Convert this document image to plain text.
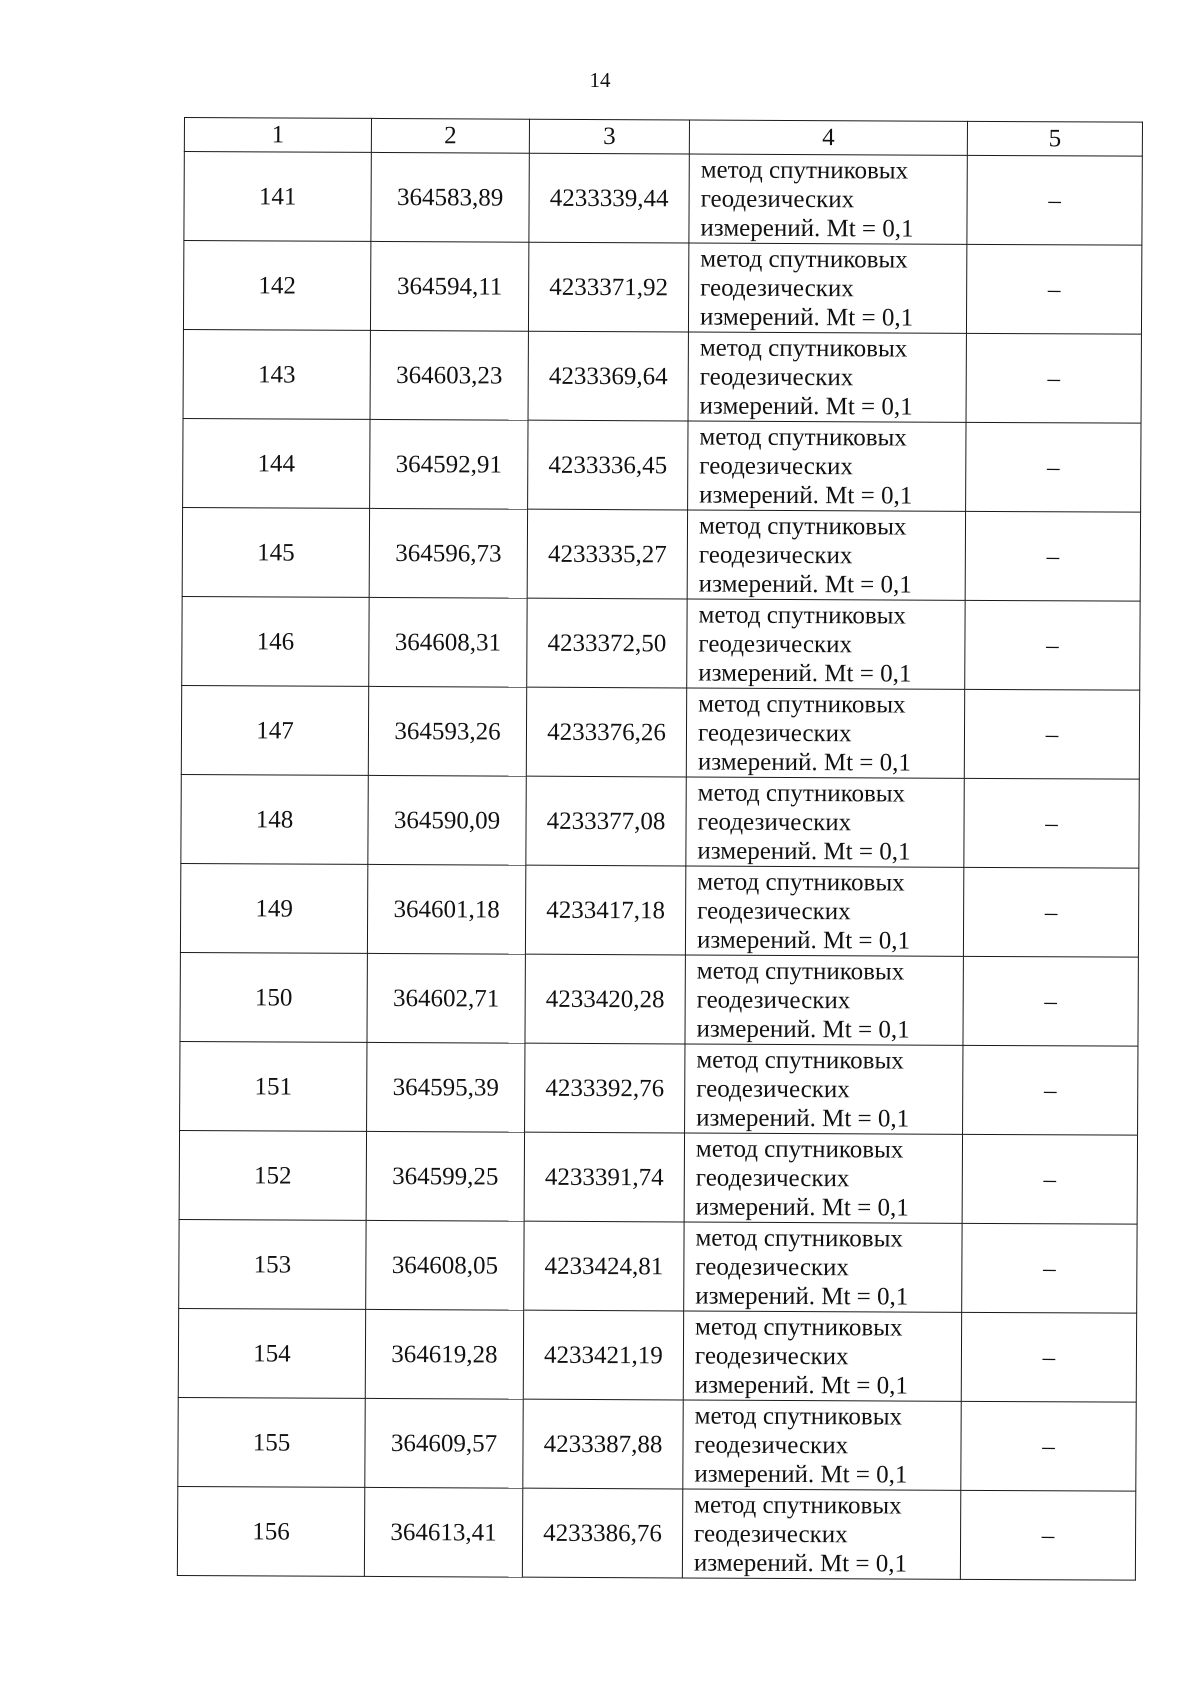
14
1	2	3	4	5
141	364583,89	4233339,44	метод спутниковых
геодезических
измерений. Mt = 0,1	–
142	364594,11	4233371,92	метод спутниковых
геодезических
измерений. Mt = 0,1	–
143	364603,23	4233369,64	метод спутниковых
геодезических
измерений. Mt = 0,1	–
144	364592,91	4233336,45	метод спутниковых
геодезических
измерений. Mt = 0,1	–
145	364596,73	4233335,27	метод спутниковых
геодезических
измерений. Mt = 0,1	–
146	364608,31	4233372,50	метод спутниковых
геодезических
измерений. Mt = 0,1	–
147	364593,26	4233376,26	метод спутниковых
геодезических
измерений. Mt = 0,1	–
148	364590,09	4233377,08	метод спутниковых
геодезических
измерений. Mt = 0,1	–
149	364601,18	4233417,18	метод спутниковых
геодезических
измерений. Mt = 0,1	–
150	364602,71	4233420,28	метод спутниковых
геодезических
измерений. Mt = 0,1	–
151	364595,39	4233392,76	метод спутниковых
геодезических
измерений. Mt = 0,1	–
152	364599,25	4233391,74	метод спутниковых
геодезических
измерений. Mt = 0,1	–
153	364608,05	4233424,81	метод спутниковых
геодезических
измерений. Mt = 0,1	–
154	364619,28	4233421,19	метод спутниковых
геодезических
измерений. Mt = 0,1	–
155	364609,57	4233387,88	метод спутниковых
геодезических
измерений. Mt = 0,1	–
156	364613,41	4233386,76	метод спутниковых
геодезических
измерений. Mt = 0,1	–
